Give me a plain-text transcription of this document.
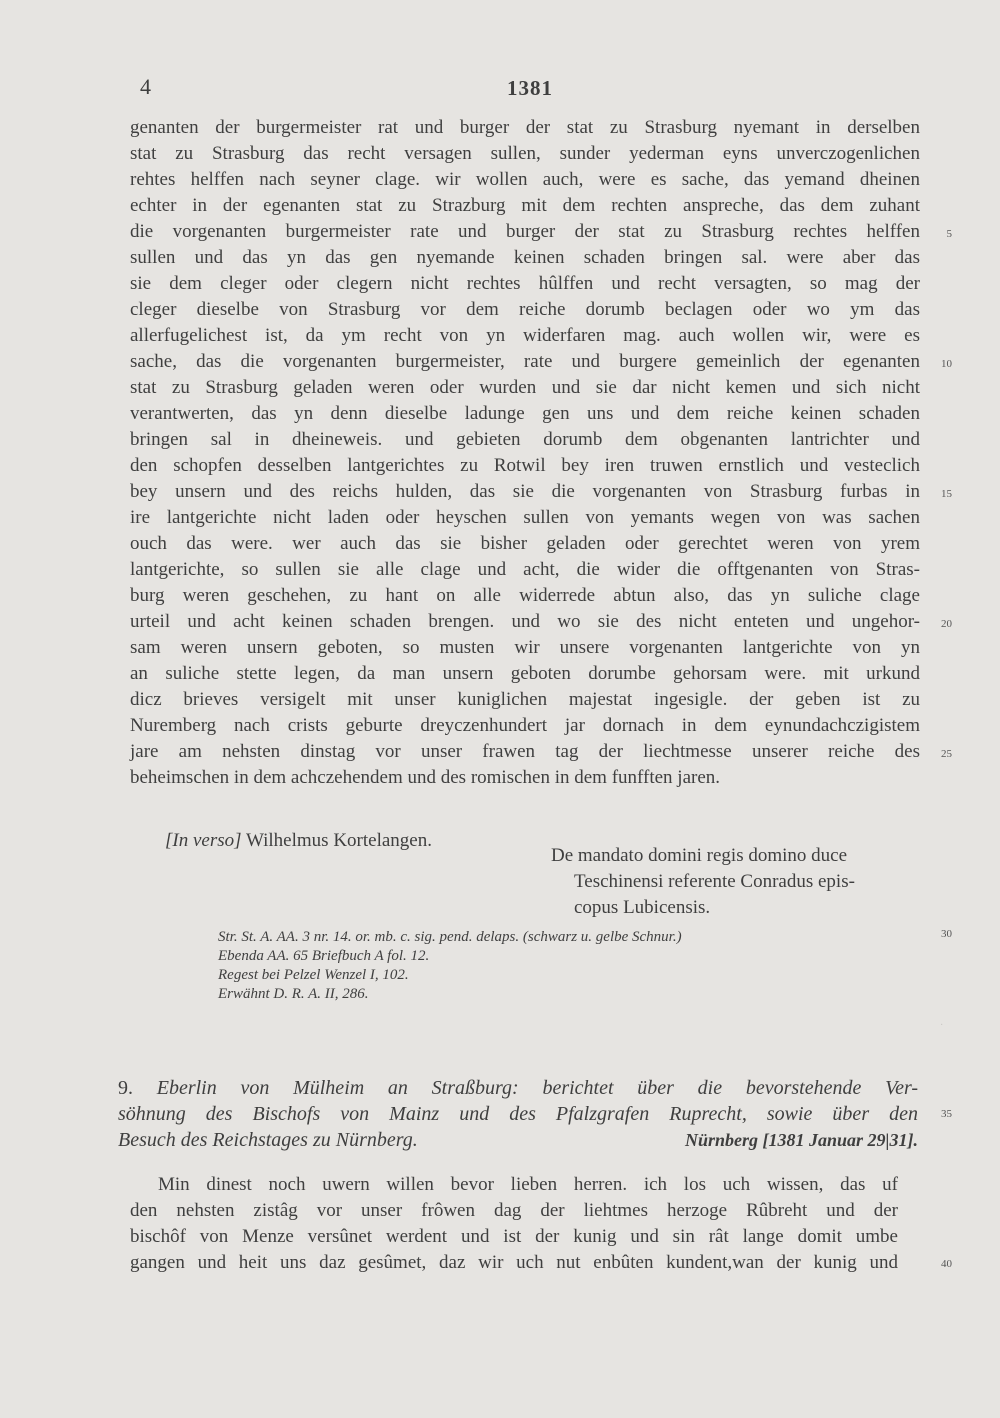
4	1381
genanten der burgermeister rat und burger der stat zu Strasburg nyemant in derselben
stat zu Strasburg das recht versagen sullen, sunder yederman eyns unverczogenlichen
rehtes helffen nach seyner clage. wir wollen auch, were es sache, das yemand dheinen
echter in der egenanten stat zu Strazburg mit dem rechten anspreche, das dem zuhant
die vorgenanten burgermeister rate und burger der stat zu Strasburg rechtes helffen
sullen und das yn das gen nyemande keinen schaden bringen sal. were aber das
sie dem cleger oder clegern nicht rechtes hûlffen und recht versagten, so mag der
cleger dieselbe von Strasburg vor dem reiche dorumb beclagen oder wo ym das
allerfugelichest ist, da ym recht von yn widerfaren mag. auch wollen wir, were es
sache, das die vorgenanten burgermeister, rate und burgere gemeinlich der egenanten
stat zu Strasburg geladen weren oder wurden und sie dar nicht kemen und sich nicht
verantwerten, das yn denn dieselbe ladunge gen uns und dem reiche keinen schaden
bringen sal in dheineweis. und gebieten dorumb dem obgenanten lantrichter und
den schopfen desselben lantgerichtes zu Rotwil bey iren truwen ernstlich und vesteclich
bey unsern und des reichs hulden, das sie die vorgenanten von Strasburg furbas in
ire lantgerichte nicht laden oder heyschen sullen von yemants wegen von was sachen
ouch das were. wer auch das sie bisher geladen oder gerechtet weren von yrem
lantgerichte, so sullen sie alle clage und acht, die wider die offtgenanten von Stras-
burg weren geschehen, zu hant on alle widerrede abtun also, das yn suliche clage
urteil und acht keinen schaden brengen. und wo sie des nicht enteten und ungehor-
sam weren unsern geboten, so musten wir unsere vorgenanten lantgerichte von yn
an suliche stette legen, da man unsern geboten dorumbe gehorsam were. mit urkund
dicz brieves versigelt mit unser kuniglichen majestat ingesigle. der geben ist zu
Nuremberg nach crists geburte dreyczenhundert jar dornach in dem eynundachczigistem
jare am nehsten dinstag vor unser frawen tag der liechtmesse unserer reiche des
beheimschen in dem achczehendem und des romischen in dem funfften jaren.
5
10
15
20
25
30
35
40
[In verso] Wilhelmus Kortelangen.
De mandato domini regis domino duce
Teschinensi referente Conradus epis-
copus Lubicensis.
Str. St. A. AA. 3 nr. 14. or. mb. c. sig. pend. delaps. (schwarz u. gelbe Schnur.)
Ebenda AA. 65 Briefbuch A fol. 12.
Regest bei Pelzel Wenzel I, 102.
Erwähnt D. R. A. II, 286.
·
9. Eberlin von Mülheim an Straßburg: berichtet über die bevorstehende Ver-
söhnung des Bischofs von Mainz und des Pfalzgrafen Ruprecht, sowie über den
Besuch des Reichstages zu Nürnberg.	Nürnberg [1381 Januar 29|31].
Min dinest noch uwern willen bevor lieben herren. ich los uch wissen, das uf
den nehsten zistâg vor unser frôwen dag der liehtmes herzoge Rûbreht und der
bischôf von Menze versûnet werdent und ist der kunig und sin rât lange domit umbe
gangen und heit uns daz gesûmet, daz wir uch nut enbûten kundent,wan der kunig und
